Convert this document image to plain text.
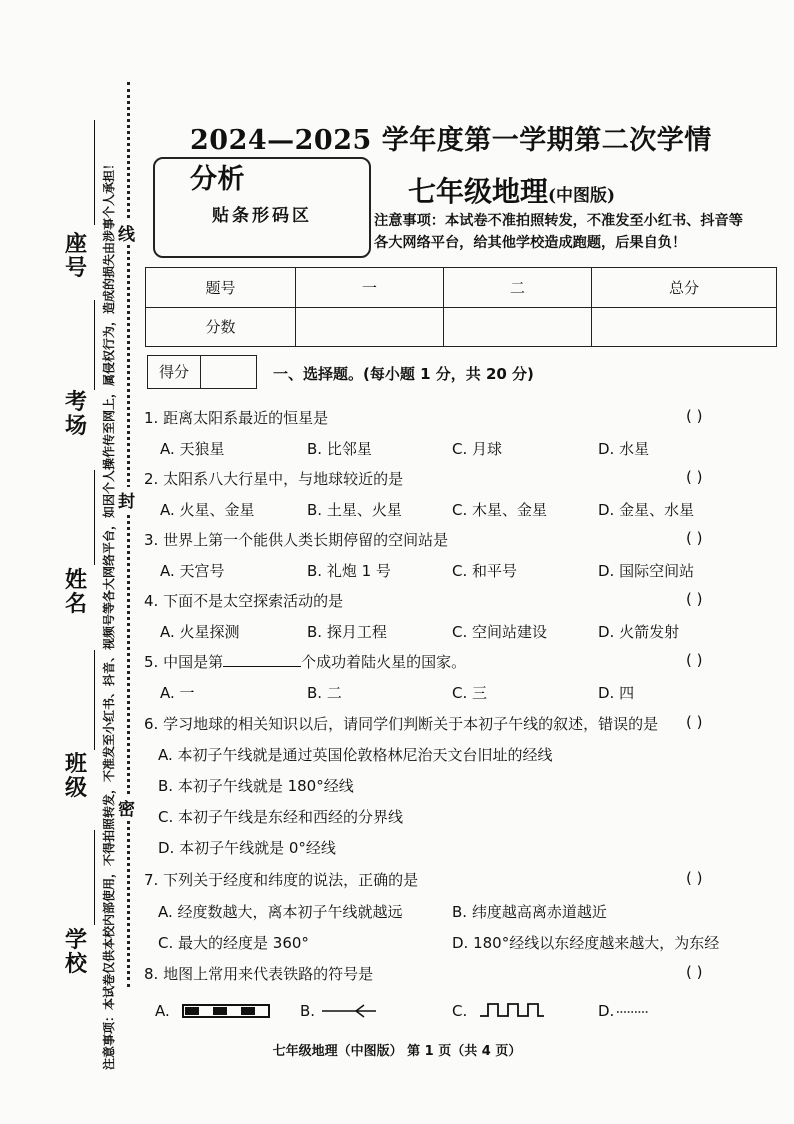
注意事项：本试卷仅供本校内部使用，不得拍照转发，不准发至小红书、抖音、视频号等各大网络平台，如因个人操作传至网上，属侵权行为，造成的损失由涉事个人承担！
座号
考场
姓名
班级
学校
线
封
密
2024—2025 学年度第一学期第二次学情分析
贴条形码区
七年级地理(中图版)
注意事项：本试卷不准拍照转发，不准发至小红书、抖音等各大网络平台，给其他学校造成跑题，后果自负！
题号	一	二	总分
分数			
得分	一、选择题。(每小题 1 分，共 20 分)
1. 距离太阳系最近的恒星是	( )
A. 天狼星	B. 比邻星	C. 月球	D. 水星
2. 太阳系八大行星中，与地球较近的是	( )
A. 火星、金星	B. 土星、火星	C. 木星、金星	D. 金星、水星
3. 世界上第一个能供人类长期停留的空间站是	( )
A. 天宫号	B. 礼炮 1 号	C. 和平号	D. 国际空间站
4. 下面不是太空探索活动的是	( )
A. 火星探测	B. 探月工程	C. 空间站建设	D. 火箭发射
5. 中国是第	个成功着陆火星的国家。	( )
A. 一	B. 二	C. 三	D. 四
6. 学习地球的相关知识以后，请同学们判断关于本初子午线的叙述，错误的是 ( )
A. 本初子午线就是通过英国伦敦格林尼治天文台旧址的经线
B. 本初子午线就是 180°经线
C. 本初子午线是东经和西经的分界线
D. 本初子午线就是 0°经线
7. 下列关于经度和纬度的说法，正确的是	( )
A. 经度数越大，离本初子午线就越远	B. 纬度越高离赤道越近
C. 最大的经度是 360°	D. 180°经线以东经度越来越大，为东经
8. 地图上常用来代表铁路的符号是	( )
A.	B.	C.	D.
七年级地理（中图版） 第 1 页（共 4 页）
